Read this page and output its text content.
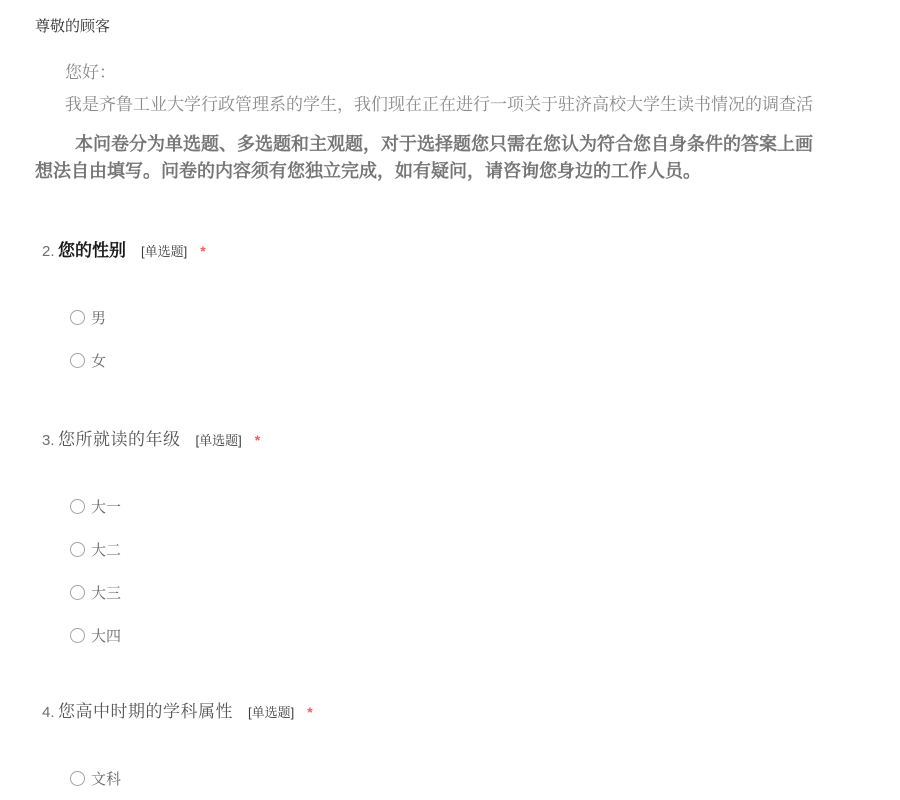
尊敬的顾客
您好：
我是齐鲁工业大学行政管理系的学生，我们现在正在进行一项关于驻济高校大学生读书情况的调查活
本问卷分为单选题、多选题和主观题，对于选择题您只需在您认为符合您自身条件的答案上画
想法自由填写。问卷的内容须有您独立完成，如有疑问，请咨询您身边的工作人员。
2. 您的性别 [单选题] *
男
女
3. 您所就读的年级 [单选题] *
大一
大二
大三
大四
4. 您高中时期的学科属性 [单选题] *
文科
